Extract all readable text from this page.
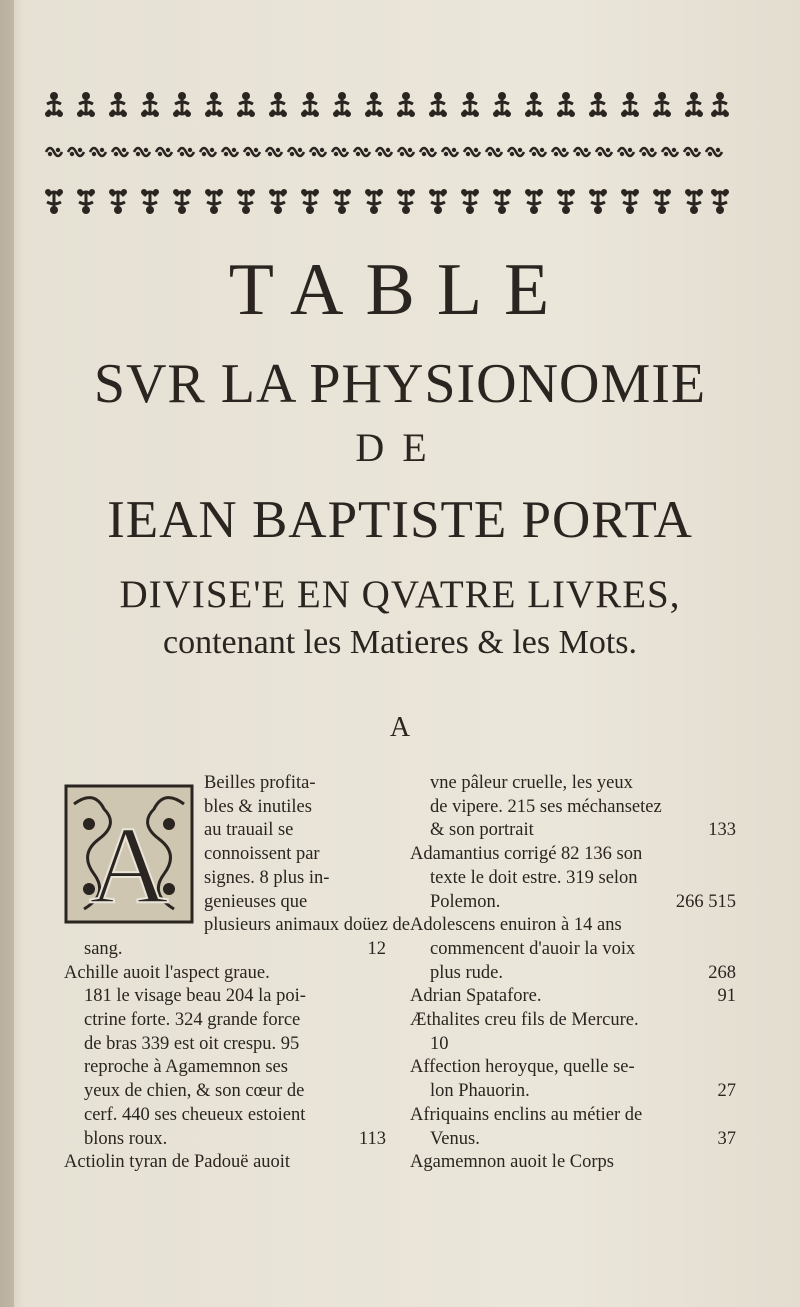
TABLE
SVR LA PHYSIONOMIE
DE
IEAN BAPTISTE PORTA
DIVISE'E EN QVATRE LIVRES,
contenant les Matieres & les Mots.
A
A
Beilles profita-
bles & inutiles
au trauail se
connoissent par
signes. 8 plus in-
genieuses que
plusieurs animaux doüez de
sang.	12
Achille auoit l'aspect graue.
181 le visage beau 204 la poi-
ctrine forte. 324 grande force
de bras 339 est oit crespu. 95
reproche à Agamemnon ses
yeux de chien, & son cœur de
cerf. 440 ses cheueux estoient
blons roux.	113
Actiolin tyran de Padouë auoit
vne pâleur cruelle, les yeux
de vipere. 215 ses méchansetez
& son portrait	133
Adamantius corrigé 82 136 son
texte le doit estre. 319 selon
Polemon.	266 515
Adolescens enuiron à 14 ans
commencent d'auoir la voix
plus rude.	268
Adrian Spatafore.	91
Æthalites creu fils de Mercure.
10
Affection heroyque, quelle se-
lon Phauorin.	27
Afriquains enclins au métier de
Venus.	37
Agamemnon auoit le Corps
